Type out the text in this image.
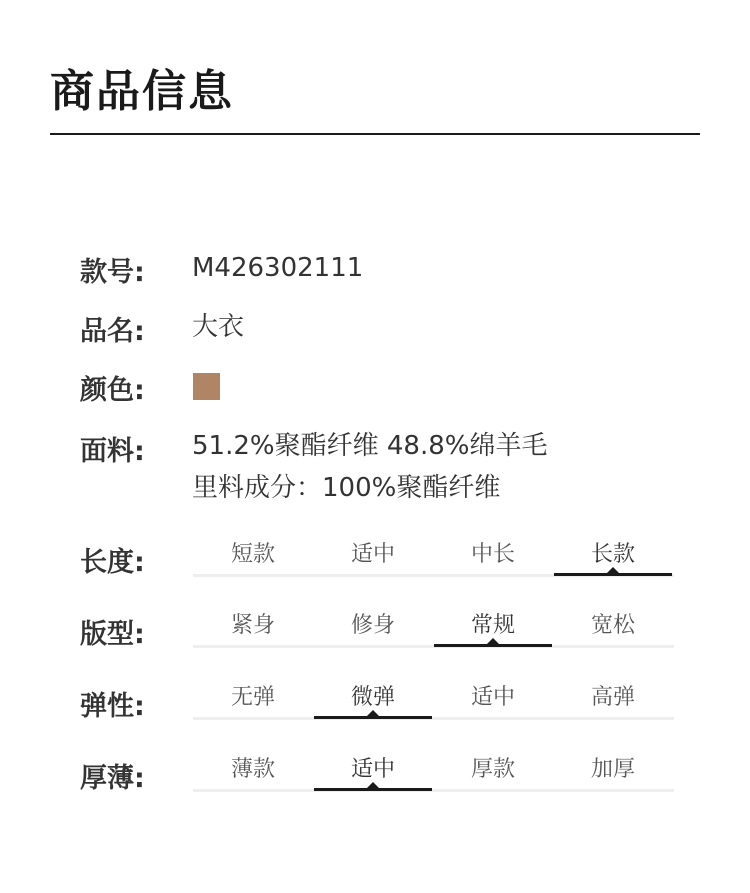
商品信息
款号: M426302111
品名: 大衣
颜色:
面料: 51.2%聚酯纤维 48.8%绵羊毛
里料成分：100%聚酯纤维
长度:	短款	适中	中长	长款
版型:	紧身	修身	常规	宽松
弹性:	无弹	微弹	适中	高弹
厚薄:	薄款	适中	厚款	加厚
